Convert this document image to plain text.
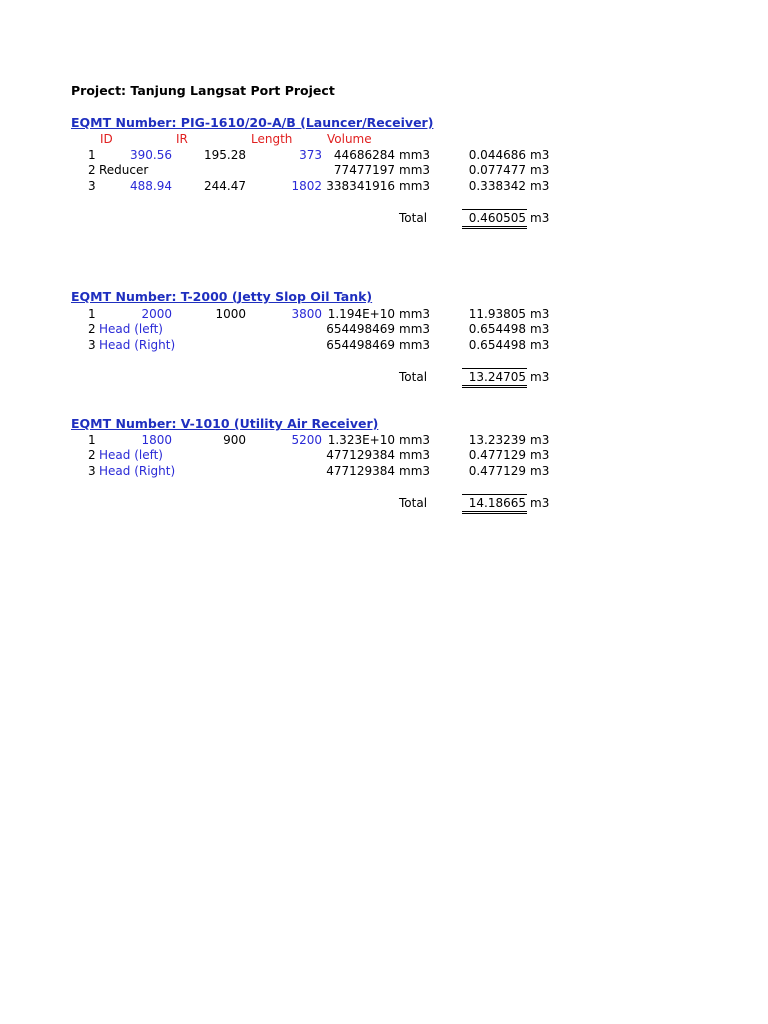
Project: Tanjung Langsat Port Project
EQMT Number: PIG-1610/20-A/B (Launcer/Receiver)
ID	IR	Length	Volume
1	390.56	195.28	373 44686284 mm3	0.044686 m3
2 Reducer	77477197 mm3	0.077477 m3
3	488.94	244.47	1802 338341916 mm3	0.338342 m3
Total	0.460505 m3
EQMT Number: T-2000 (Jetty Slop Oil Tank)
1	2000	1000	3800 1.194E+10 mm3	11.93805 m3
2 Head (left)	654498469 mm3	0.654498 m3
3 Head (Right)	654498469 mm3	0.654498 m3
Total	13.24705 m3
EQMT Number: V-1010 (Utility Air Receiver)
1	1800	900	5200 1.323E+10 mm3	13.23239 m3
2 Head (left)	477129384 mm3	0.477129 m3
3 Head (Right)	477129384 mm3	0.477129 m3
Total	14.18665 m3
